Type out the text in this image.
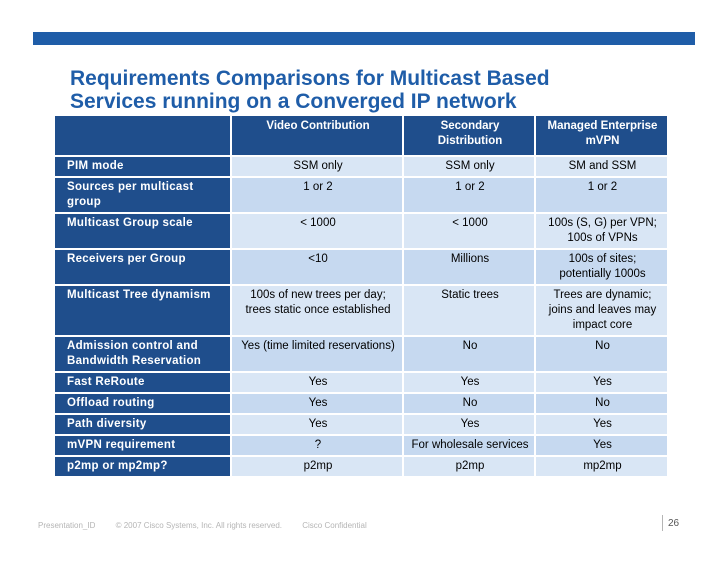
Requirements Comparisons for Multicast Based
Services running on a Converged IP network
	Video Contribution	Secondary Distribution	Managed Enterprise mVPN
PIM mode	SSM only	SSM only	SM and SSM
Sources per multicast group	1 or 2	1 or 2	1 or 2
Multicast Group scale	< 1000	< 1000	100s (S, G) per VPN; 100s of VPNs
Receivers per Group	<10	Millions	100s of sites; potentially 1000s
Multicast Tree dynamism	100s of new trees per day; trees static once established	Static trees	Trees are dynamic; joins and leaves may impact core
Admission control and Bandwidth Reservation	Yes (time limited reservations)	No	No
Fast ReRoute	Yes	Yes	Yes
Offload routing	Yes	No	No
Path diversity	Yes	Yes	Yes
mVPN requirement	?	For wholesale services	Yes
p2mp or mp2mp?	p2mp	p2mp	mp2mp
Presentation_ID	© 2007 Cisco Systems, Inc. All rights reserved.	Cisco Confidential	26
